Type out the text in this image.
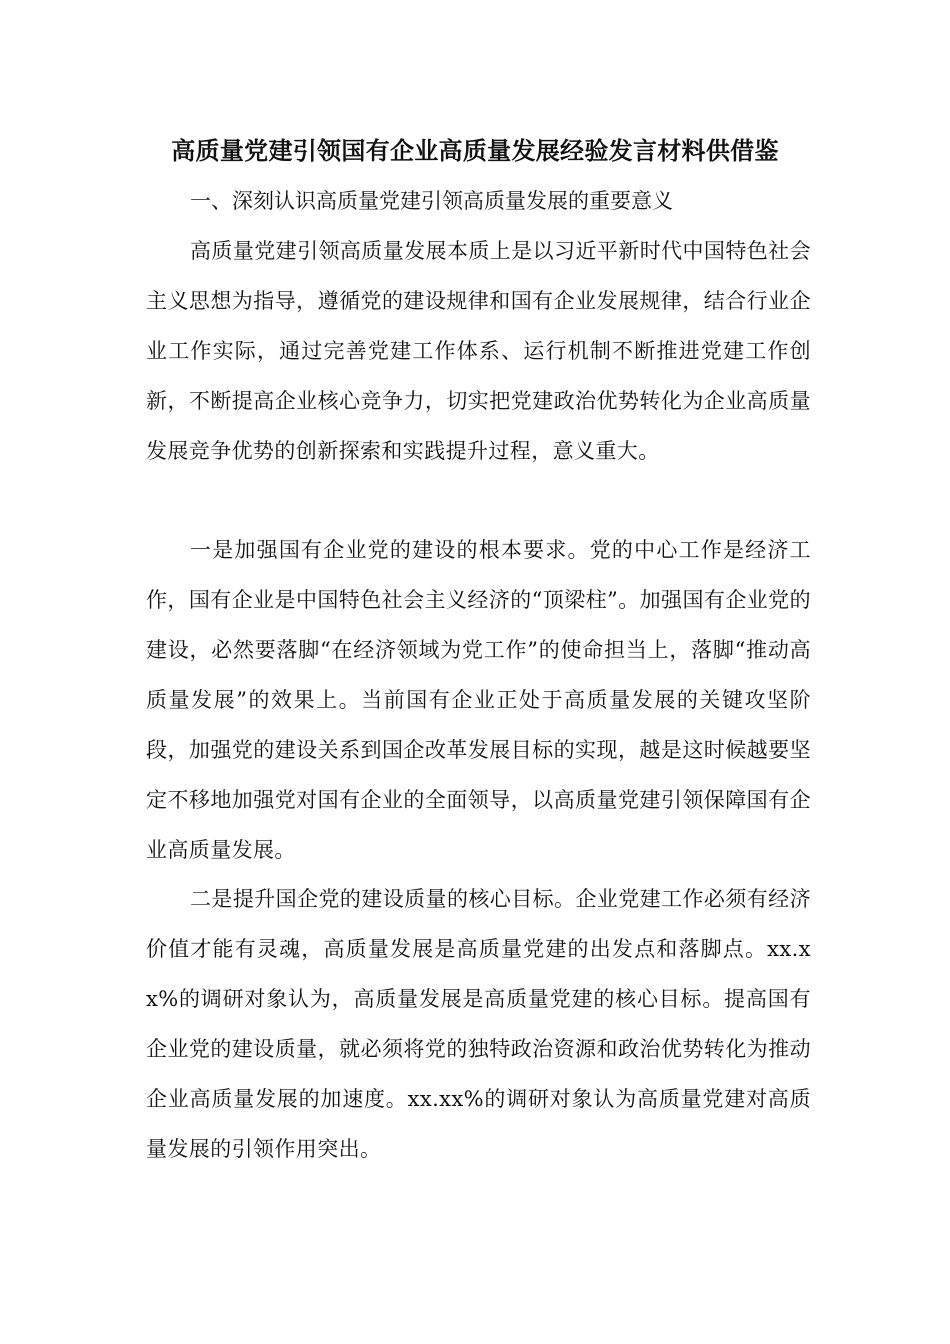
高质量党建引领国有企业高质量发展经验发言材料供借鉴
一、深刻认识高质量党建引领高质量发展的重要意义

高质量党建引领高质量发展本质上是以习近平新时代中国特色社会主义思想为指导，遵循党的建设规律和国有企业发展规律，结合行业企业工作实际，通过完善党建工作体系、运行机制不断推进党建工作创新，不断提高企业核心竞争力，切实把党建政治优势转化为企业高质量发展竞争优势的创新探索和实践提升过程，意义重大。

一是加强国有企业党的建设的根本要求。党的中心工作是经济工作，国有企业是中国特色社会主义经济的“顶梁柱”。加强国有企业党的建设，必然要落脚“在经济领域为党工作”的使命担当上，落脚“推动高质量发展”的效果上。当前国有企业正处于高质量发展的关键攻坚阶段，加强党的建设关系到国企改革发展目标的实现，越是这时候越要坚定不移地加强党对国有企业的全面领导，以高质量党建引领保障国有企业高质量发展。

二是提升国企党的建设质量的核心目标。企业党建工作必须有经济价值才能有灵魂，高质量发展是高质量党建的出发点和落脚点。xx.xx%的调研对象认为，高质量发展是高质量党建的核心目标。提高国有企业党的建设质量，就必须将党的独特政治资源和政治优势转化为推动企业高质量发展的加速度。xx.xx%的调研对象认为高质量党建对高质量发展的引领作用突出。
